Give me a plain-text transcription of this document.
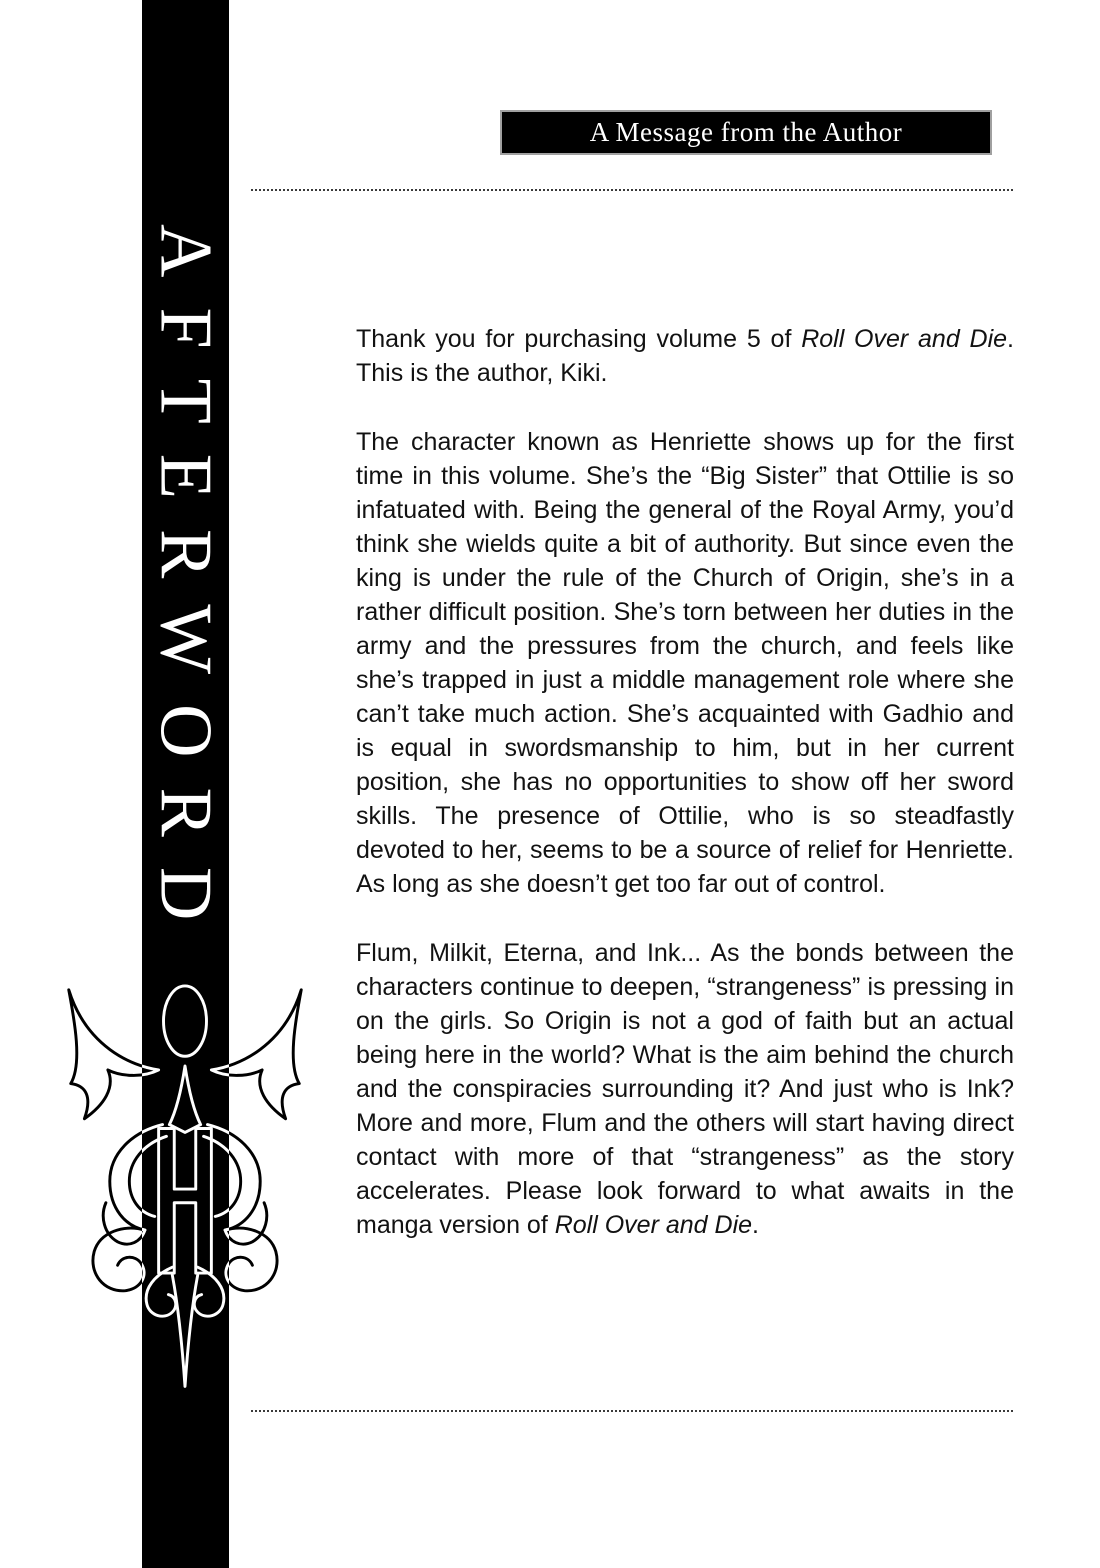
AFTERWORD
A Message from the Author

Thank you for purchasing volume 5 of Roll Over and Die. This is the author, Kiki.

The character known as Henriette shows up for the first time in this volume. She’s the “Big Sister” that Ottilie is so infatuated with. Being the general of the Royal Army, you’d think she wields quite a bit of authority. But since even the king is under the rule of the Church of Origin, she’s in a rather difficult position. She’s torn between her duties in the army and the pressures from the church, and feels like she’s trapped in just a middle management role where she can’t take much action. She’s acquainted with Gadhio and is equal in swordsmanship to him, but in her current position, she has no opportunities to show off her sword skills. The presence of Ottilie, who is so steadfastly devoted to her, seems to be a source of relief for Henriette. As long as she doesn’t get too far out of control.

Flum, Milkit, Eterna, and Ink... As the bonds between the characters continue to deepen, “strangeness” is pressing in on the girls. So Origin is not a god of faith but an actual being here in the world? What is the aim behind the church and the conspiracies surrounding it? And just who is Ink? More and more, Flum and the others will start having direct contact with more of that “strangeness” as the story accelerates. Please look forward to what awaits in the manga version of Roll Over and Die.
